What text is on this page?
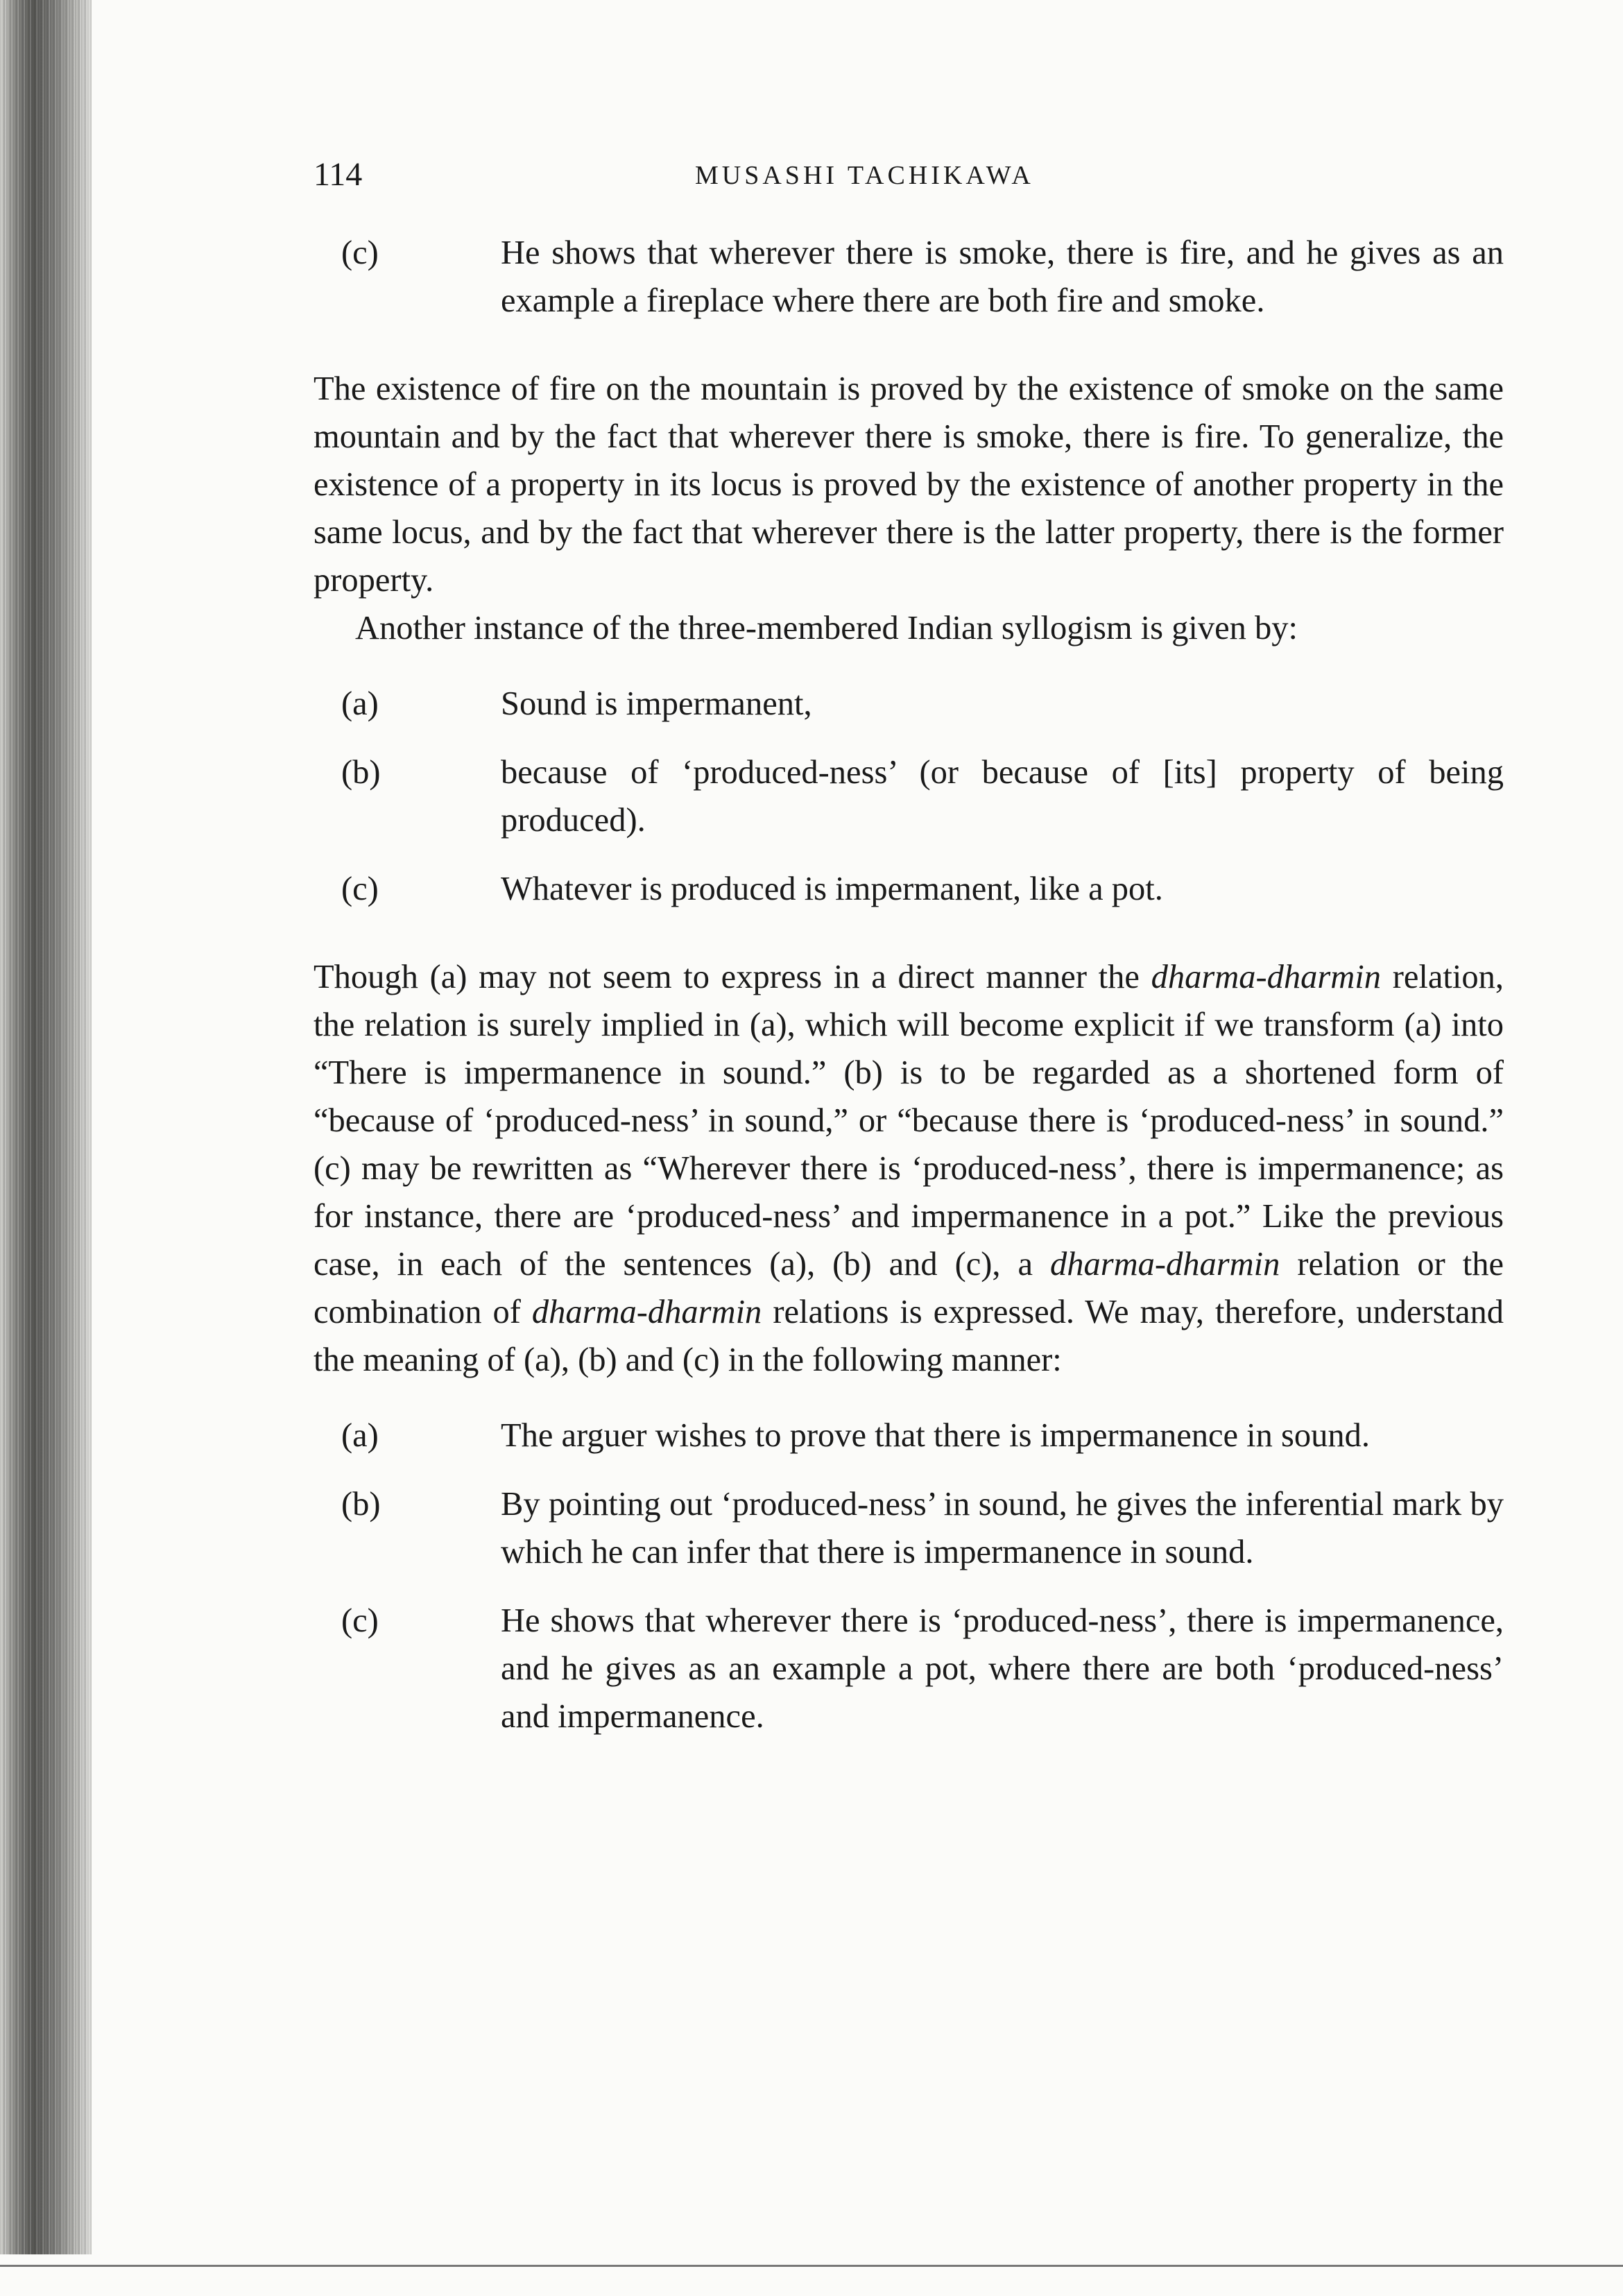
114	MUSASHI TACHIKAWA
(c)	He shows that wherever there is smoke, there is fire, and he gives as an example a fireplace where there are both fire and smoke.

The existence of fire on the mountain is proved by the existence of smoke on the same mountain and by the fact that wherever there is smoke, there is fire. To generalize, the existence of a property in its locus is proved by the existence of another property in the same locus, and by the fact that wherever there is the latter property, there is the former property.

Another instance of the three-membered Indian syllogism is given by:

(a)	Sound is impermanent,
(b)	because of ‘produced-ness’ (or because of [its] property of being produced).
(c)	Whatever is produced is impermanent, like a pot.

Though (a) may not seem to express in a direct manner the dharma-dharmin relation, the relation is surely implied in (a), which will become explicit if we transform (a) into “There is impermanence in sound.” (b) is to be regarded as a shortened form of “because of ‘produced-ness’ in sound,” or “because there is ‘produced-ness’ in sound.” (c) may be rewritten as “Wherever there is ‘produced-ness’, there is impermanence; as for instance, there are ‘produced-ness’ and impermanence in a pot.” Like the previous case, in each of the sentences (a), (b) and (c), a dharma-dharmin relation or the combination of dharma-dharmin relations is expressed. We may, therefore, understand the meaning of (a), (b) and (c) in the following manner:

(a)	The arguer wishes to prove that there is impermanence in sound.
(b)	By pointing out ‘produced-ness’ in sound, he gives the inferential mark by which he can infer that there is impermanence in sound.
(c)	He shows that wherever there is ‘produced-ness’, there is impermanence, and he gives as an example a pot, where there are both ‘produced-ness’ and impermanence.
